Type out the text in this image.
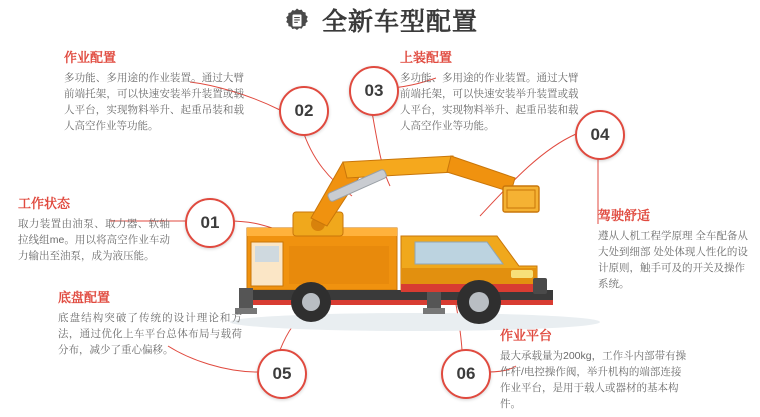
全新车型配置
01
02
03
04
05	06

工作状态

取力装置由油泵、取力器、软轴拉线组me。用以将高空作业车动力输出至油泵，成为液压能。

作业配置

多功能、多用途的作业装置。通过大臂前端托架，可以快速安装举升装置或载人平台，实现物料举升、起重吊装和载人高空作业等功能。

上装配置

多功能、多用途的作业装置。通过大臂前端托架，可以快速安装举升装置或载人平台，实现物料举升、起重吊装和载人高空作业等功能。

驾驶舒适

遵从人机工程学原理 全车配备从大处到细部 处处体现人性化的设计原则，触手可及的开关及操作系统。

底盘配置

底盘结构突破了传统的设计理论和方法，通过优化上车平台总体布局与载荷分布，减少了重心偏移。

作业平台

最大承载量为200kg，工作斗内部带有操作杆/电控操作阀，举升机构的端部连接作业平台，是用于载人或器材的基本构件。
